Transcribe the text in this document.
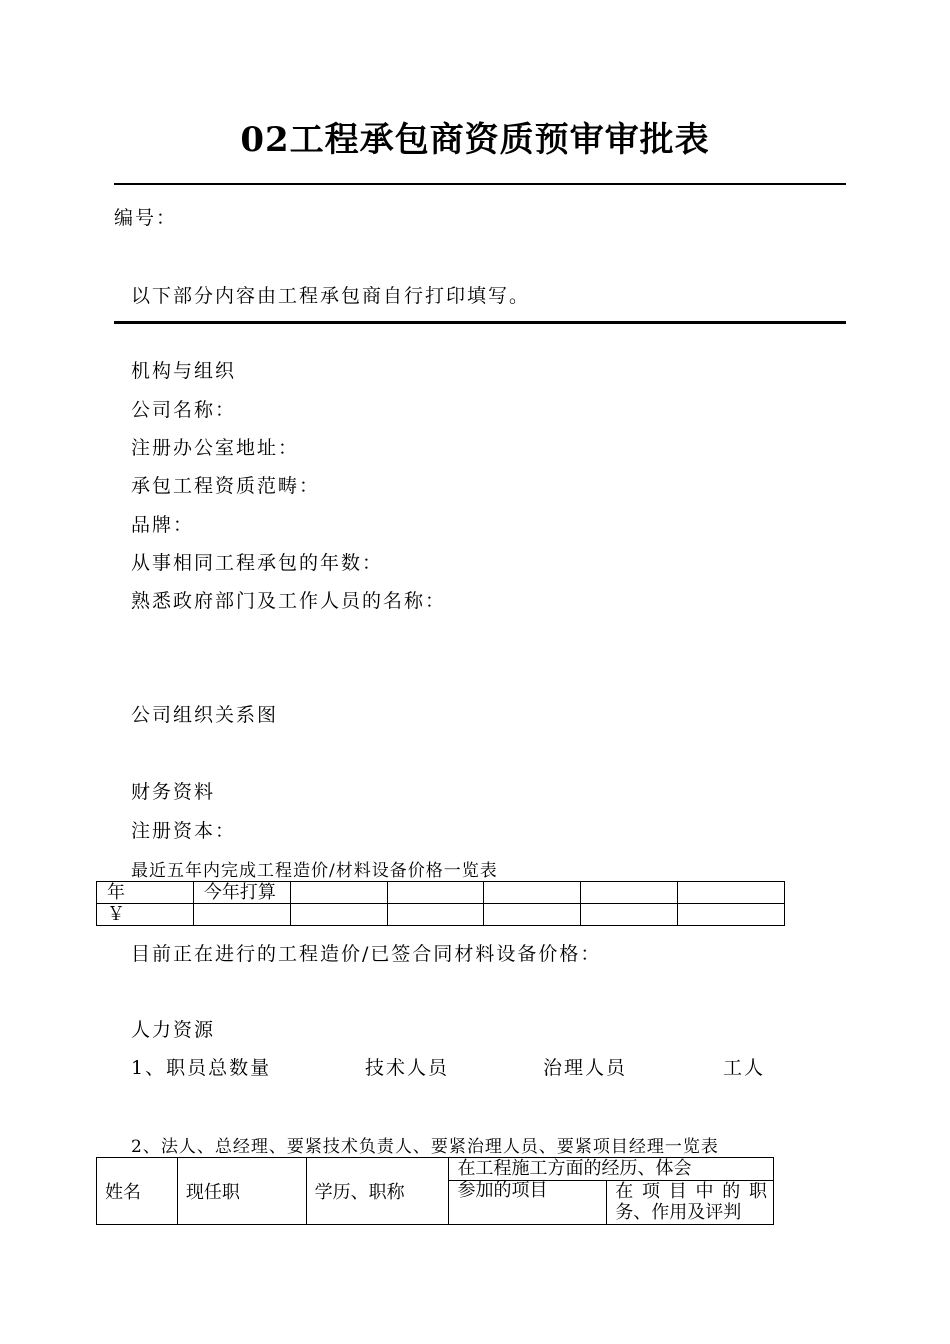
02工程承包商资质预审审批表
编号：
以下部分内容由工程承包商自行打印填写。
机构与组织
公司名称：
注册办公室地址：
承包工程资质范畴：
品牌：
从事相同工程承包的年数：
熟悉政府部门及工作人员的名称：
公司组织关系图
财务资料
注册资本：
最近五年内完成工程造价/材料设备价格一览表
年	今年打算					
￥						
目前正在进行的工程造价/已签合同材料设备价格：
人力资源
1、职员总数量	技术人员	治理人员	工人
2、法人、总经理、要紧技术负责人、要紧治理人员、要紧项目经理一览表
姓名	现任职	学历、职称	在工程施工方面的经历、体会	
			参加的项目	在 项 目 中 的 职 务、作用及评判
